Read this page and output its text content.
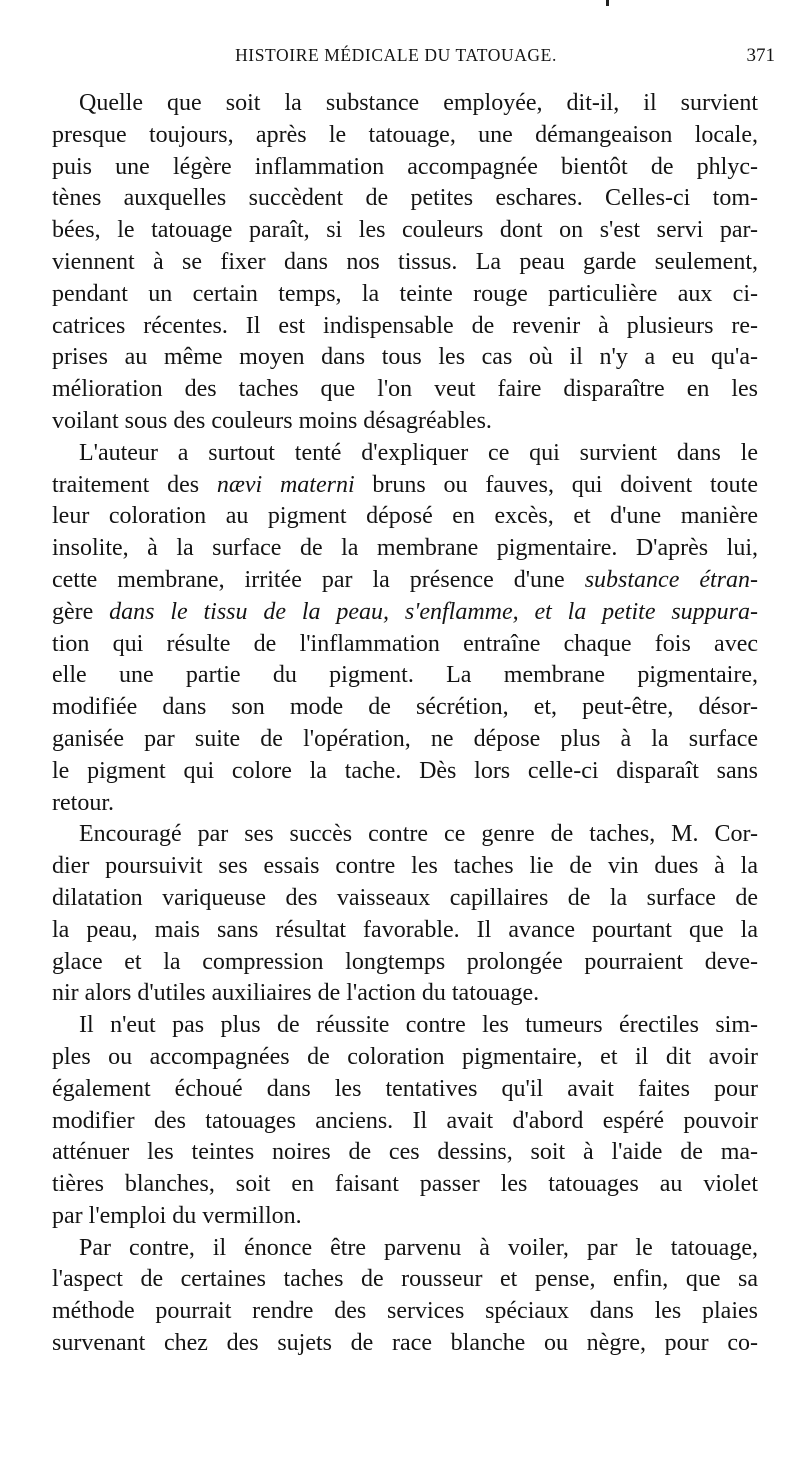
HISTOIRE MÉDICALE DU TATOUAGE.	371
Quelle que soit la substance employée, dit-il, il survient
presque toujours, après le tatouage, une démangeaison locale,
puis une légère inflammation accompagnée bientôt de phlyc-
tènes auxquelles succèdent de petites eschares. Celles-ci tom-
bées, le tatouage paraît, si les couleurs dont on s'est servi par-
viennent à se fixer dans nos tissus. La peau garde seulement,
pendant un certain temps, la teinte rouge particulière aux ci-
catrices récentes. Il est indispensable de revenir à plusieurs re-
prises au même moyen dans tous les cas où il n'y a eu qu'a-
mélioration des taches que l'on veut faire disparaître en les
voilant sous des couleurs moins désagréables.
L'auteur a surtout tenté d'expliquer ce qui survient dans le
traitement des nævi materni bruns ou fauves, qui doivent toute
leur coloration au pigment déposé en excès, et d'une manière
insolite, à la surface de la membrane pigmentaire. D'après lui,
cette membrane, irritée par la présence d'une substance étran-
gère dans le tissu de la peau, s'enflamme, et la petite suppura-
tion qui résulte de l'inflammation entraîne chaque fois avec
elle une partie du pigment. La membrane pigmentaire,
modifiée dans son mode de sécrétion, et, peut-être, désor-
ganisée par suite de l'opération, ne dépose plus à la surface
le pigment qui colore la tache. Dès lors celle-ci disparaît sans
retour.
Encouragé par ses succès contre ce genre de taches, M. Cor-
dier poursuivit ses essais contre les taches lie de vin dues à la
dilatation variqueuse des vaisseaux capillaires de la surface de
la peau, mais sans résultat favorable. Il avance pourtant que la
glace et la compression longtemps prolongée pourraient deve-
nir alors d'utiles auxiliaires de l'action du tatouage.
Il n'eut pas plus de réussite contre les tumeurs érectiles sim-
ples ou accompagnées de coloration pigmentaire, et il dit avoir
également échoué dans les tentatives qu'il avait faites pour
modifier des tatouages anciens. Il avait d'abord espéré pouvoir
atténuer les teintes noires de ces dessins, soit à l'aide de ma-
tières blanches, soit en faisant passer les tatouages au violet
par l'emploi du vermillon.
Par contre, il énonce être parvenu à voiler, par le tatouage,
l'aspect de certaines taches de rousseur et pense, enfin, que sa
méthode pourrait rendre des services spéciaux dans les plaies
survenant chez des sujets de race blanche ou nègre, pour co-
